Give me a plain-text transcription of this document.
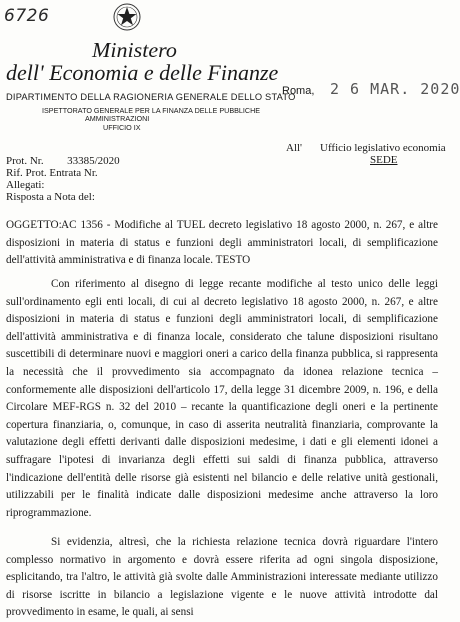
6726
Ministero
dell' Economia e delle Finanze
DIPARTIMENTO DELLA RAGIONERIA GENERALE DELLO STATO
ISPETTORATO GENERALE PER LA FINANZA DELLE PUBBLICHE
AMMINISTRAZIONI
UFFICIO IX
Roma, 2 6 MAR. 2020
All' Ufficio legislativo economia
SEDE
Prot. Nr. 33385/2020
Rif. Prot. Entrata Nr.
Allegati:
Risposta a Nota del:
OGGETTO:AC 1356 - Modifiche al TUEL decreto legislativo 18 agosto 2000, n. 267, e altre disposizioni in materia di status e funzioni degli amministratori locali, di semplificazione dell'attività amministrativa e di finanza locale. TESTO
Con riferimento al disegno di legge recante modifiche al testo unico delle leggi sull'ordinamento egli enti locali, di cui al decreto legislativo 18 agosto 2000, n. 267, e altre disposizioni in materia di status e funzioni degli amministratori locali, di semplificazione dell'attività amministrativa e di finanza locale, considerato che talune disposizioni risultano suscettibili di determinare nuovi e maggiori oneri a carico della finanza pubblica, si rappresenta la necessità che il provvedimento sia accompagnato da idonea relazione tecnica – conformemente alle disposizioni dell'articolo 17, della legge 31 dicembre 2009, n. 196, e della Circolare MEF-RGS n. 32 del 2010 – recante la quantificazione degli oneri e la pertinente copertura finanziaria, o, comunque, in caso di asserita neutralità finanziaria, comprovante la valutazione degli effetti derivanti dalle disposizioni medesime, i dati e gli elementi idonei a suffragare l'ipotesi di invarianza degli effetti sui saldi di finanza pubblica, attraverso l'indicazione dell'entità delle risorse già esistenti nel bilancio e delle relative unità gestionali, utilizzabili per le finalità indicate dalle disposizioni medesime anche attraverso la loro riprogrammazione.
Si evidenzia, altresì, che la richiesta relazione tecnica dovrà riguardare l'intero complesso normativo in argomento e dovrà essere riferita ad ogni singola disposizione, esplicitando, tra l'altro, le attività già svolte dalle Amministrazioni interessate mediante utilizzo di risorse iscritte in bilancio a legislazione vigente e le nuove attività introdotte dal provvedimento in esame, le quali, ai sensi
